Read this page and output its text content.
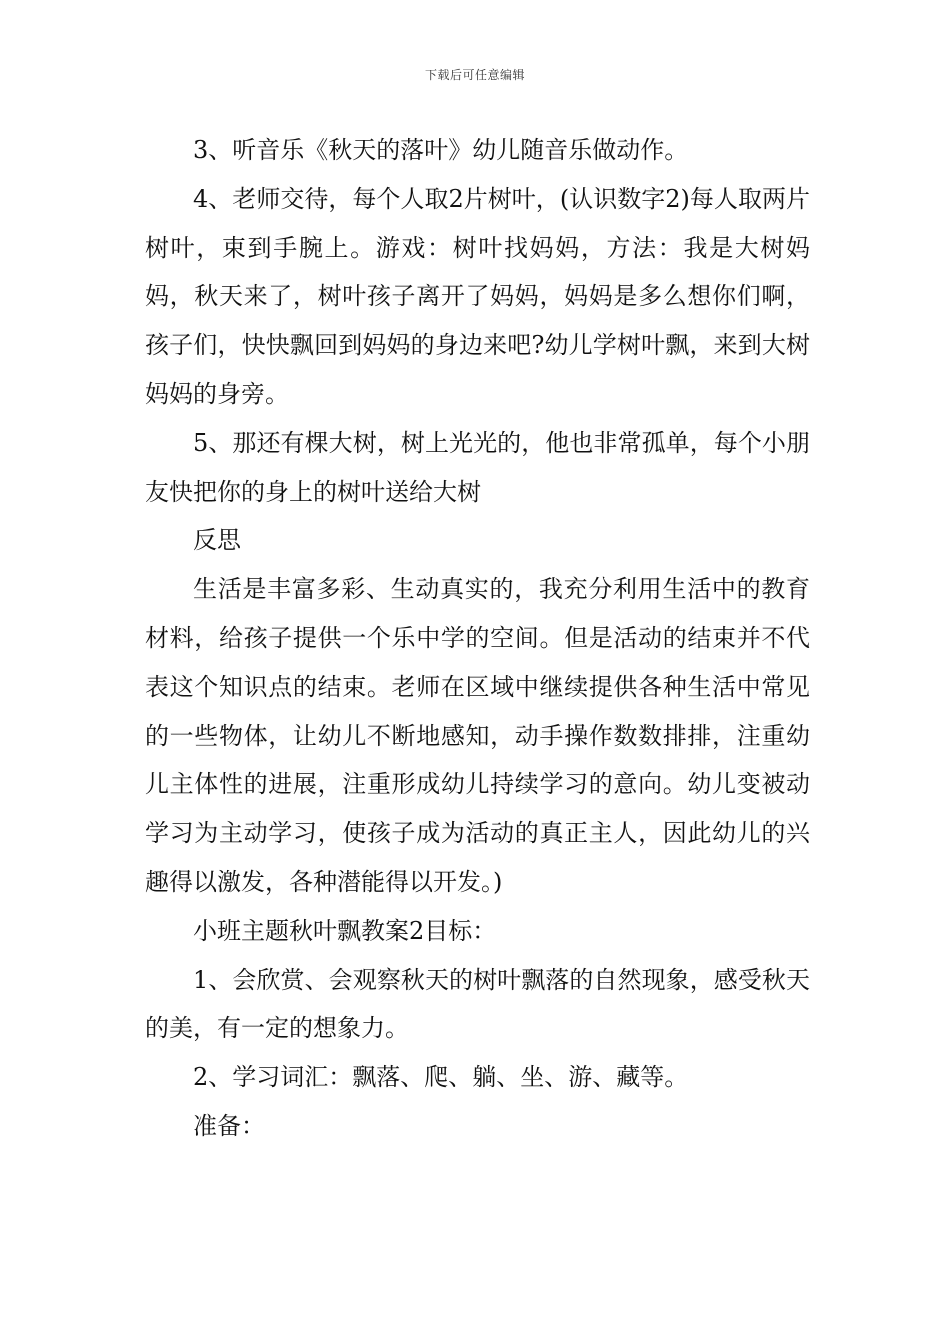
下载后可任意编辑

3、听音乐《秋天的落叶》幼儿随音乐做动作。

4、老师交待，每个人取2片树叶，(认识数字2)每人取两片树叶，束到手腕上。游戏：树叶找妈妈，方法：我是大树妈妈，秋天来了，树叶孩子离开了妈妈，妈妈是多么想你们啊，孩子们，快快飘回到妈妈的身边来吧?幼儿学树叶飘，来到大树妈妈的身旁。

5、那还有棵大树，树上光光的，他也非常孤单，每个小朋友快把你的身上的树叶送给大树

反思

生活是丰富多彩、生动真实的，我充分利用生活中的教育材料，给孩子提供一个乐中学的空间。但是活动的结束并不代表这个知识点的结束。老师在区域中继续提供各种生活中常见的一些物体，让幼儿不断地感知，动手操作数数排排，注重幼儿主体性的进展，注重形成幼儿持续学习的意向。幼儿变被动学习为主动学习，使孩子成为活动的真正主人，因此幼儿的兴趣得以激发，各种潜能得以开发。)

小班主题秋叶飘教案2目标：

1、会欣赏、会观察秋天的树叶飘落的自然现象，感受秋天的美，有一定的想象力。

2、学习词汇：飘落、爬、躺、坐、游、藏等。

准备：
